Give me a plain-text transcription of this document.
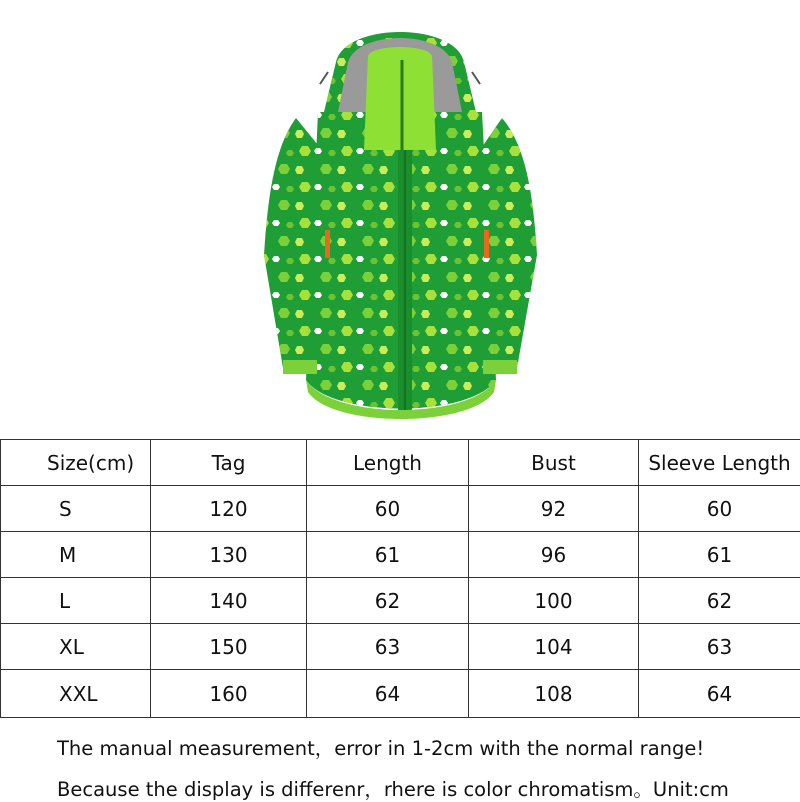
Size(cm)	Tag	Length	Bust	Sleeve Length
S	120	60	92	60
M	130	61	96	61
L	140	62	100	62
XL	150	63	104	63
XXL	160	64	108	64
The manual measurement，error in 1-2cm with the normal range!
Because the display is differenr，rhere is color chromatism。Unit:cm
